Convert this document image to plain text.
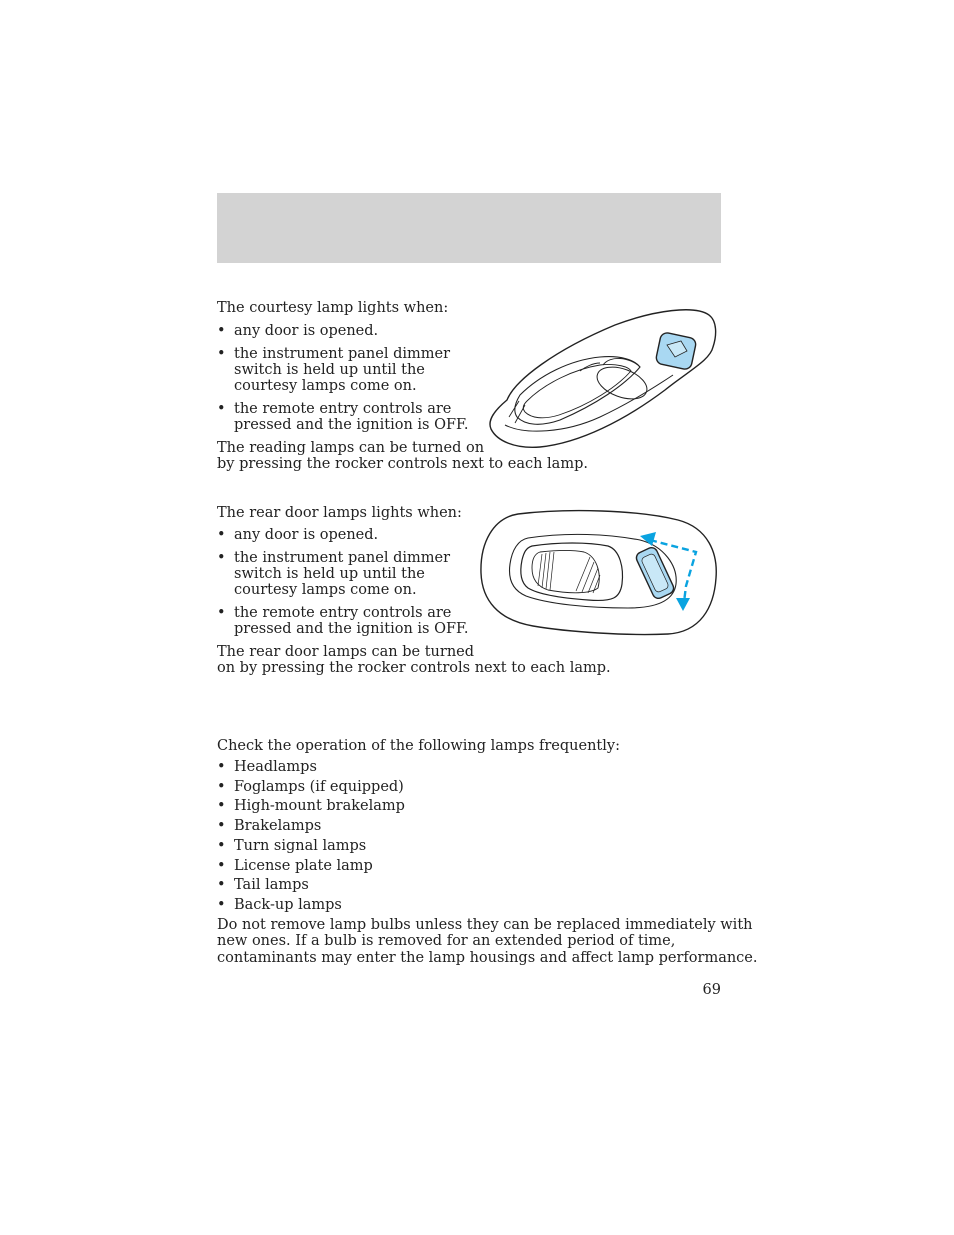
The courtesy lamp lights when:

• any door is opened.
• the instrument panel dimmer
switch is held up until the
courtesy lamps come on.
• the remote entry controls are
pressed and the ignition is OFF.

The reading lamps can be turned on

by pressing the rocker controls next to each lamp.

The rear door lamps lights when:

• any door is opened.
• the instrument panel dimmer
switch is held up until the
courtesy lamps come on.
• the remote entry controls are
pressed and the ignition is OFF.

The rear door lamps can be turned

on by pressing the rocker controls next to each lamp.

Check the operation of the following lamps frequently:

• Headlamps
• Foglamps (if equipped)
• High-mount brakelamp
• Brakelamps
• Turn signal lamps
• License plate lamp
• Tail lamps
• Back-up lamps

Do not remove lamp bulbs unless they can be replaced immediately with

new ones. If a bulb is removed for an extended period of time,

contaminants may enter the lamp housings and affect lamp performance.

69
